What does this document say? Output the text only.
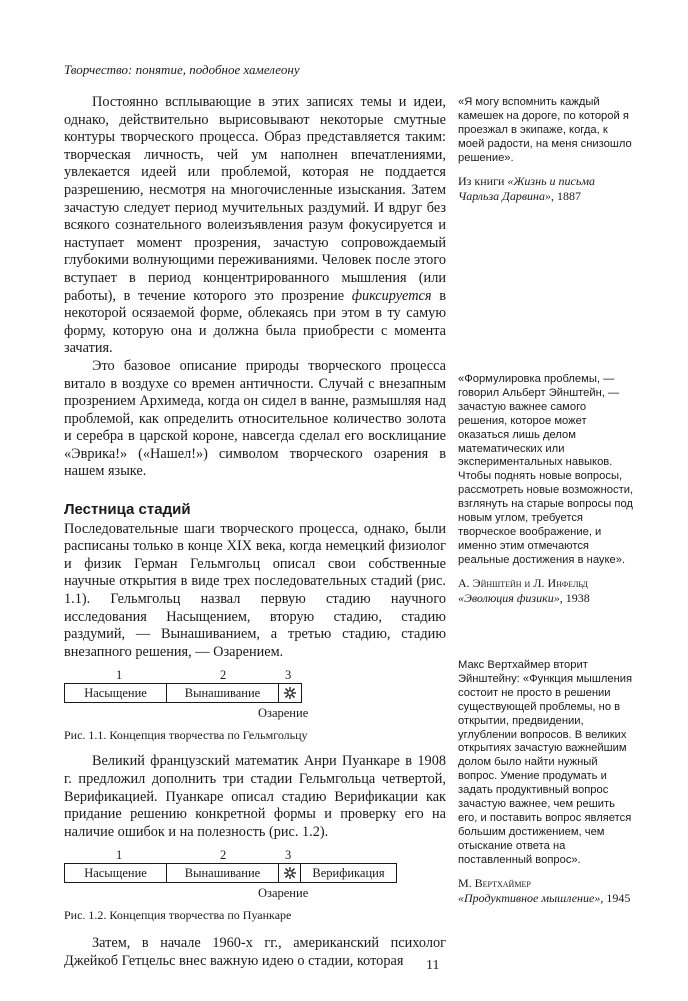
Творчество: понятие, подобное хамелеону

Постоянно всплывающие в этих записях темы и идеи, однако, действительно вырисовывают некоторые смутные контуры творческого процесса. Образ представляется таким: творческая личность, чей ум наполнен впечатлениями, увлекается идеей или проблемой, которая не поддается разрешению, несмотря на многочисленные изыскания. Затем зачастую следует период мучительных раздумий. И вдруг без всякого сознательного волеизъявления разум фокусируется и наступает момент прозрения, зачастую сопровождаемый глубокими волнующими переживаниями. Человек после этого вступает в период концентрированного мышления (или работы), в течение которого это прозрение фиксируется в некоторой осязаемой форме, облекаясь при этом в ту самую форму, которую она и должна была приобрести с момента зачатия.

Это базовое описание природы творческого процесса витало в воздухе со времен античности. Случай с внезапным прозрением Архимеда, когда он сидел в ванне, размышляя над проблемой, как определить относительное количество золота и серебра в царской короне, навсегда сделал его восклицание «Эврика!» («Нашел!») символом творческого озарения в нашем языке.

Лестница стадий

Последовательные шаги творческого процесса, однако, были расписаны только в конце XIX века, когда немецкий физиолог и физик Герман Гельмгольц описал свои собственные научные открытия в виде трех последовательных стадий (рис. 1.1). Гельмгольц назвал первую стадию научного исследования Насыщением, вторую стадию, стадию раздумий, — Вынашиванием, а третью стадию, стадию внезапного решения, — Озарением.

1	2	3
Насыщение	Вынашивание
Озарение
Рис. 1.1. Концепция творчества по Гельмгольцу

Великий французский математик Анри Пуанкаре в 1908 г. предложил дополнить три стадии Гельмгольца четвертой, Верификацией. Пуанкаре описал стадию Верификации как придание решению конкретной формы и проверку его на наличие ошибок и на полезность (рис. 1.2).

1	2	3
Насыщение	Вынашивание	Верификация
Озарение
Рис. 1.2. Концепция творчества по Пуанкаре

Затем, в начале 1960-х гг., американский психолог Джейкоб Гетцельс внес важную идею о стадии, которая

«Я могу вспомнить каждый камешек на дороге, по которой я проезжал в экипаже, когда, к моей радости, на меня снизошло решение».

Из книги «Жизнь и письма Чарльза Дарвина», 1887

«Формулировка проблемы, — говорил Альберт Эйнштейн, — зачастую важнее самого решения, которое может оказаться лишь делом математических или экспериментальных навыков. Чтобы поднять новые вопросы, рассмотреть новые возможности, взглянуть на старые вопросы под новым углом, требуется творческое воображение, и именно этим отмечаются реальные достижения в науке».

А. Эйнштейн и Л. Инфельд
«Эволюция физики», 1938

Макс Вертхаймер вторит Эйнштейну: «Функция мышления состоит не просто в решении существующей проблемы, но в открытии, предвидении, углублении вопросов. В великих открытиях зачастую важнейшим долом было найти нужный вопрос. Умение продумать и задать продуктивный вопрос зачастую важнее, чем решить его, и поставить вопрос является большим достижением, чем отыскание ответа на поставленный вопрос».

М. Вертхаймер
«Продуктивное мышление», 1945
11
